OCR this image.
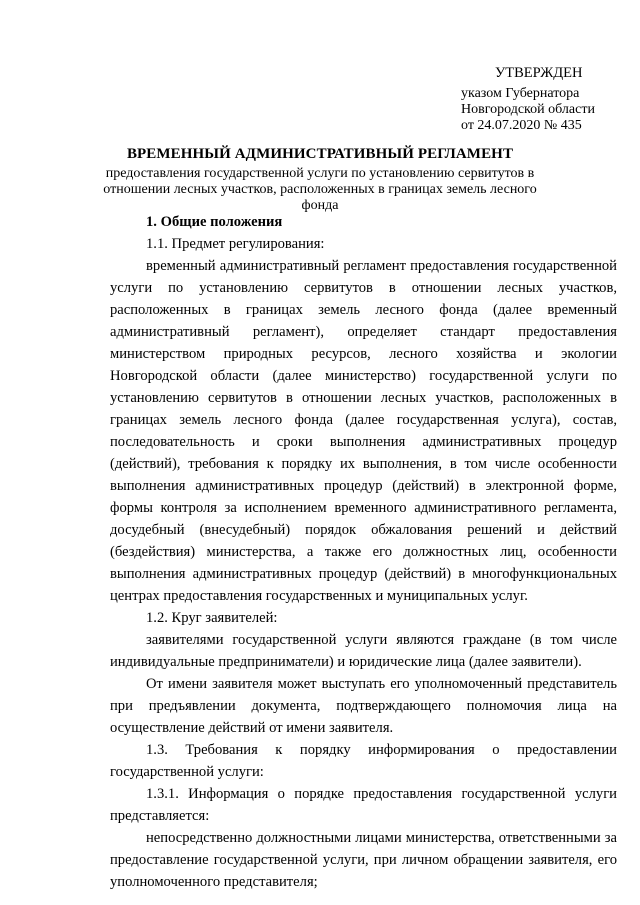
УТВЕРЖДЕН
указом Губернатора
Новгородской области
от 24.07.2020 № 435
ВРЕМЕННЫЙ АДМИНИСТРАТИВНЫЙ РЕГЛАМЕНТ
предоставления государственной услуги по установлению сервитутов в отношении лесных участков, расположенных в границах земель лесного фонда

1. Общие положения

1.1. Предмет регулирования:

временный административный регламент предоставления государственной услуги по установлению сервитутов в отношении лесных участков, расположенных в границах земель лесного фонда (далее временный административный регламент), определяет стандарт предоставления министерством природных ресурсов, лесного хозяйства и экологии Новгородской области (далее министерство) государственной услуги по установлению сервитутов в отношении лесных участков, расположенных в границах земель лесного фонда (далее государственная услуга), состав, последовательность и сроки выполнения административных процедур (действий), требования к порядку их выполнения, в том числе особенности выполнения административных процедур (действий) в электронной форме, формы контроля за исполнением временного административного регламента, досудебный (внесудебный) порядок обжалования решений и действий (бездействия) министерства, а также его должностных лиц, особенности выполнения административных процедур (действий) в многофункциональных центрах предоставления государственных и муниципальных услуг.

1.2. Круг заявителей:

заявителями государственной услуги являются граждане (в том числе индивидуальные предприниматели) и юридические лица (далее заявители).

От имени заявителя может выступать его уполномоченный представитель при предъявлении документа, подтверждающего полномочия лица на осуществление действий от имени заявителя.

1.3. Требования к порядку информирования о предоставлении государственной услуги:

1.3.1. Информация о порядке предоставления государственной услуги представляется:

непосредственно должностными лицами министерства, ответственными за предоставление государственной услуги, при личном обращении заявителя, его уполномоченного представителя;
